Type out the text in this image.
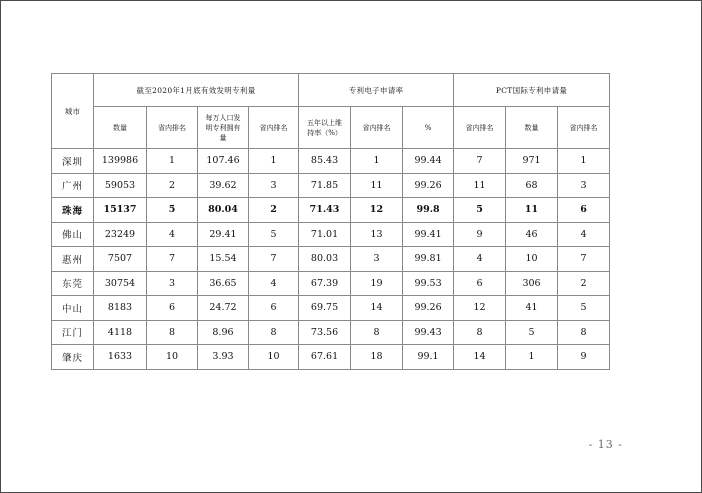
城市	截至2020年1月底有效发明专利量				专利电子申请率			PCT国际专利申请量		
	数量	省内排名	每万人口发明专利拥有量	省内排名	五年以上维持率（%）	省内排名	%	省内排名	数量	省内排名
深圳	139986	1	107.46	1	85.43	1	99.44	7	971	1
广州	59053	2	39.62	3	71.85	11	99.26	11	68	3
珠海	15137	5	80.04	2	71.43	12	99.8	5	11	6
佛山	23249	4	29.41	5	71.01	13	99.41	9	46	4
惠州	7507	7	15.54	7	80.03	3	99.81	4	10	7
东莞	30754	3	36.65	4	67.39	19	99.53	6	306	2
中山	8183	6	24.72	6	69.75	14	99.26	12	41	5
江门	4118	8	8.96	8	73.56	8	99.43	8	5	8
肇庆	1633	10	3.93	10	67.61	18	99.1	14	1	9
- 13 -
